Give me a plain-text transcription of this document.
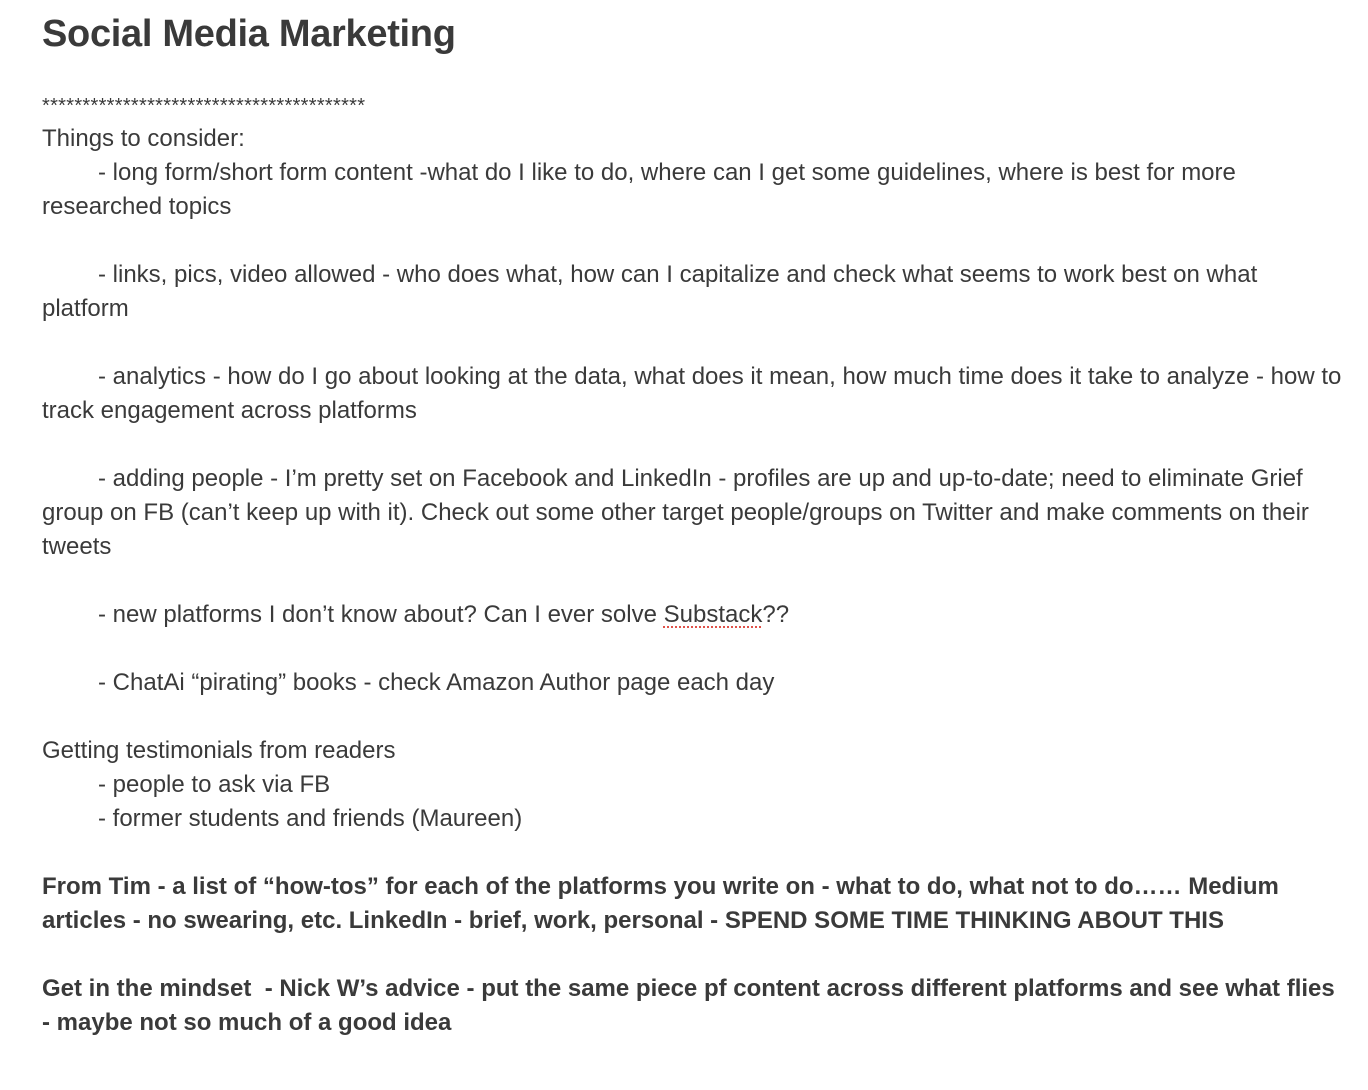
Social Media Marketing
****************************************
Things to consider:
- long form/short form content -what do I like to do, where can I get some guidelines, where is best for more researched topics
- links, pics, video allowed - who does what, how can I capitalize and check what seems to work best on what platform
- analytics - how do I go about looking at the data, what does it mean, how much time does it take to analyze - how to track engagement across platforms
- adding people - I’m pretty set on Facebook and LinkedIn - profiles are up and up-to-date; need to eliminate Grief group on FB (can’t keep up with it). Check out some other target people/groups on Twitter and make comments on their tweets
- new platforms I don’t know about? Can I ever solve Substack??
- ChatAi “pirating” books - check Amazon Author page each day
Getting testimonials from readers
- people to ask via FB
- former students and friends (Maureen)
From Tim - a list of “how-tos” for each of the platforms you write on - what to do, what not to do…… Medium articles - no swearing, etc. LinkedIn - brief, work, personal - SPEND SOME TIME THINKING ABOUT THIS
Get in the mindset  - Nick W’s advice - put the same piece pf content across different platforms and see what flies - maybe not so much of a good idea
